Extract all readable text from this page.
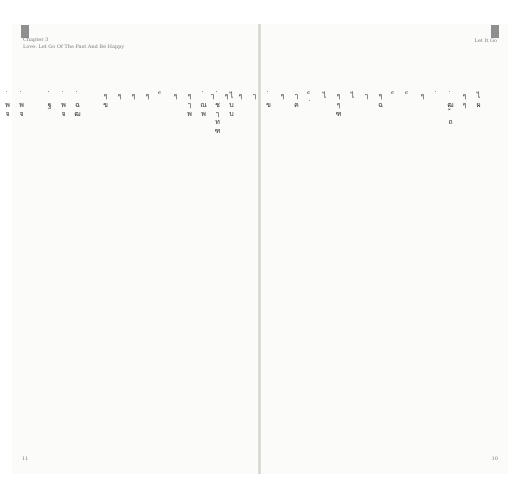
Chapter 3
Love: Let Go Of The Past And Be Happy
ไ
บ
บ
ช
ๅ
ท
ฑ
ณ
พ
ๆ
ๅ
พ
ๆ
ๆ
ๆ
ๆ
ๆ
ข
ฉ
ฒ
พ
จ
ฐ
พ
จ
พ
จ
11
Let It Go
ไ
ผ
ๆ
ๆ
ฒ
ถ
ๆ
ๆ
ฉ
ๅ
ไ
ๆ
ๆ
ฑ
ไ
ๅ
ฅ
ๆ
ข
ๅ
ๆ
ๆ
ๅ
10
